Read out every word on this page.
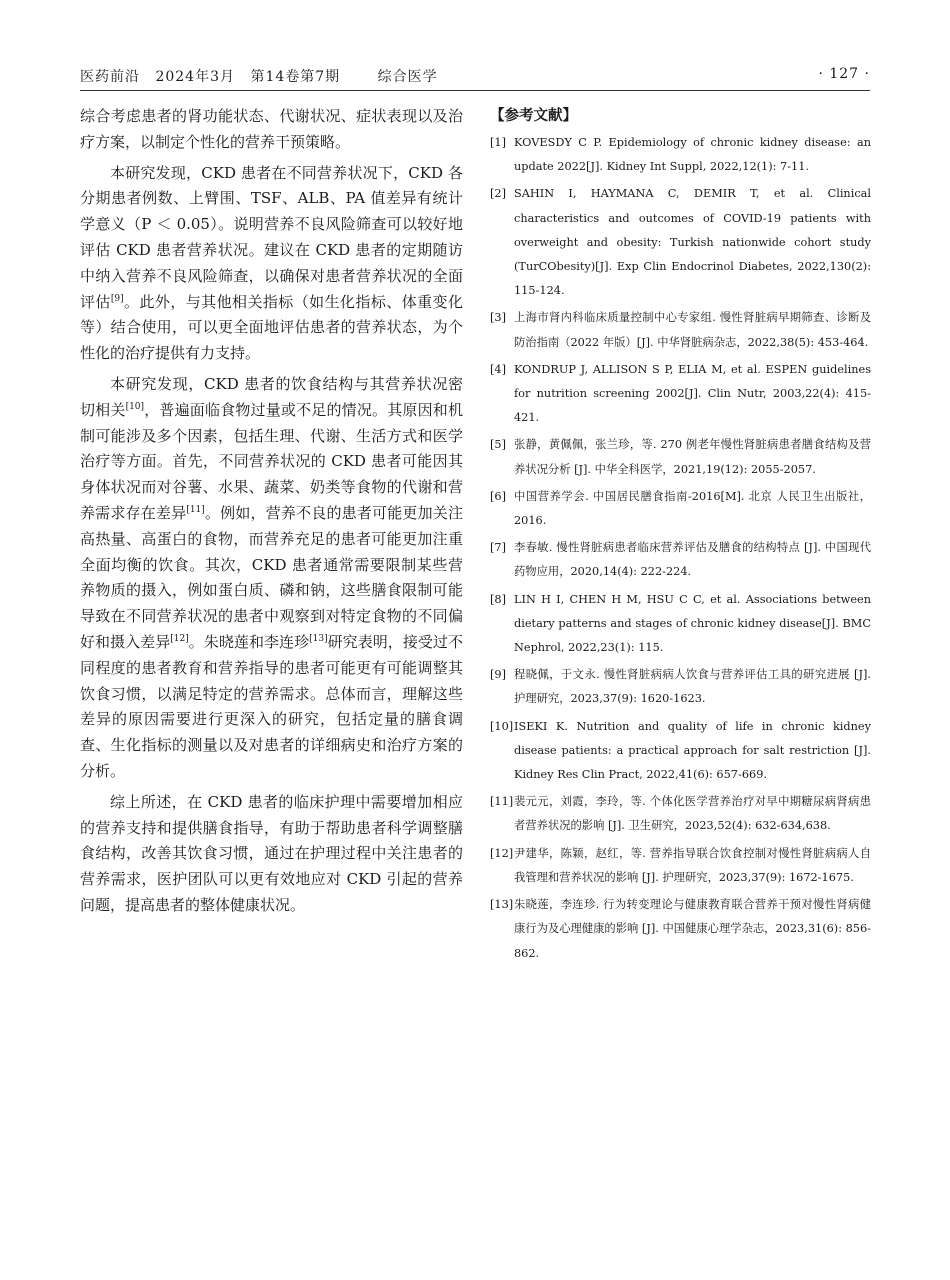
医药前沿 2024年3月 第14卷第7期	综合医学	· 127 ·

综合考虑患者的肾功能状态、代谢状况、症状表现以及治疗方案，以制定个性化的营养干预策略。

本研究发现，CKD 患者在不同营养状况下，CKD 各分期患者例数、上臂围、TSF、ALB、PA 值差异有统计学意义（P ＜ 0.05）。说明营养不良风险筛查可以较好地评估 CKD 患者营养状况。建议在 CKD 患者的定期随访中纳入营养不良风险筛查，以确保对患者营养状况的全面评估[9]。此外，与其他相关指标（如生化指标、体重变化等）结合使用，可以更全面地评估患者的营养状态，为个性化的治疗提供有力支持。

本研究发现，CKD 患者的饮食结构与其营养状况密切相关[10]，普遍面临食物过量或不足的情况。其原因和机制可能涉及多个因素，包括生理、代谢、生活方式和医学治疗等方面。首先，不同营养状况的 CKD 患者可能因其身体状况而对谷薯、水果、蔬菜、奶类等食物的代谢和营养需求存在差异[11]。例如，营养不良的患者可能更加关注高热量、高蛋白的食物，而营养充足的患者可能更加注重全面均衡的饮食。其次，CKD 患者通常需要限制某些营养物质的摄入，例如蛋白质、磷和钠，这些膳食限制可能导致在不同营养状况的患者中观察到对特定食物的不同偏好和摄入差异[12]。朱晓莲和李连珍[13]研究表明，接受过不同程度的患者教育和营养指导的患者可能更有可能调整其饮食习惯，以满足特定的营养需求。总体而言，理解这些差异的原因需要进行更深入的研究，包括定量的膳食调查、生化指标的测量以及对患者的详细病史和治疗方案的分析。

综上所述，在 CKD 患者的临床护理中需要增加相应的营养支持和提供膳食指导，有助于帮助患者科学调整膳食结构，改善其饮食习惯，通过在护理过程中关注患者的营养需求，医护团队可以更有效地应对 CKD 引起的营养问题，提高患者的整体健康状况。

【参考文献】
[1] KOVESDY C P. Epidemiology of chronic kidney disease: an update 2022[J]. Kidney Int Suppl, 2022,12(1): 7-11.
[2] SAHIN I, HAYMANA C, DEMIR T, et al. Clinical characteristics and outcomes of COVID-19 patients with overweight and obesity: Turkish nationwide cohort study (TurCObesity)[J]. Exp Clin Endocrinol Diabetes, 2022,130(2): 115-124.
[3] 上海市肾内科临床质量控制中心专家组. 慢性肾脏病早期筛查、诊断及防治指南（2022 年版）[J]. 中华肾脏病杂志，2022,38(5): 453-464.
[4] KONDRUP J, ALLISON S P, ELIA M, et al. ESPEN guidelines for nutrition screening 2002[J]. Clin Nutr, 2003,22(4): 415-421.
[5] 张静，黄佩佩，张兰珍，等. 270 例老年慢性肾脏病患者膳食结构及营养状况分析 [J]. 中华全科医学，2021,19(12): 2055-2057.
[6] 中国营养学会. 中国居民膳食指南-2016[M]. 北京 人民卫生出版社，2016.
[7] 李春敏. 慢性肾脏病患者临床营养评估及膳食的结构特点 [J]. 中国现代药物应用，2020,14(4): 222-224.
[8] LIN H I, CHEN H M, HSU C C, et al. Associations between dietary patterns and stages of chronic kidney disease[J]. BMC Nephrol, 2022,23(1): 115.
[9] 程晓佩，于文永. 慢性肾脏病病人饮食与营养评估工具的研究进展 [J]. 护理研究，2023,37(9): 1620-1623.
[10] ISEKI K. Nutrition and quality of life in chronic kidney disease patients: a practical approach for salt restriction [J]. Kidney Res Clin Pract, 2022,41(6): 657-669.
[11] 裴元元，刘霞，李玲，等. 个体化医学营养治疗对早中期糖尿病肾病患者营养状况的影响 [J]. 卫生研究，2023,52(4): 632-634,638.
[12] 尹建华，陈颖，赵红，等. 营养指导联合饮食控制对慢性肾脏病病人自我管理和营养状况的影响 [J]. 护理研究，2023,37(9): 1672-1675.
[13] 朱晓莲，李连珍. 行为转变理论与健康教育联合营养干预对慢性肾病健康行为及心理健康的影响 [J]. 中国健康心理学杂志，2023,31(6): 856-862.
